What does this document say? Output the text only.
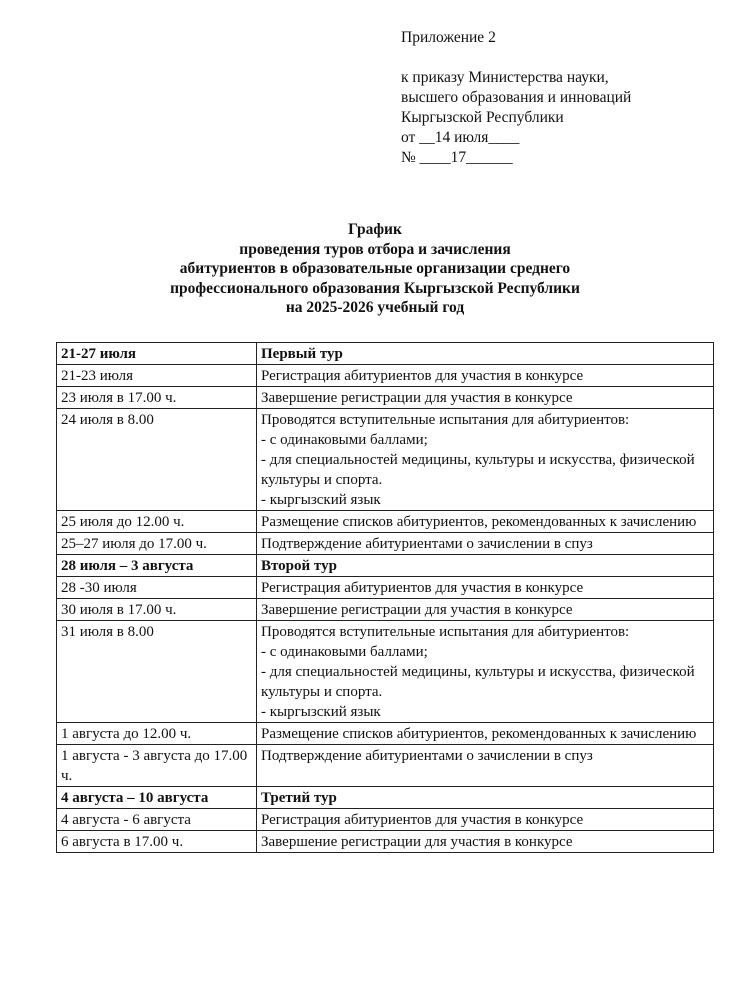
Приложение 2
к приказу Министерства науки,
высшего образования и инноваций
Кыргызской Республики
от __14 июля____
№ ____17______
График
проведения туров отбора и зачисления
абитуриентов в образовательные организации среднего
профессионального образования Кыргызской Республики
на 2025-2026 учебный год
21-27 июля	Первый тур
21-23 июля	Регистрация абитуриентов для участия в конкурсе
23 июля в 17.00 ч.	Завершение регистрации для участия в конкурсе
24 июля в 8.00	Проводятся вступительные испытания для абитуриентов:
- с одинаковыми баллами;
- для специальностей медицины, культуры и искусства, физической культуры и спорта.
- кыргызский язык

25 июля до 12.00 ч.	Размещение списков абитуриентов, рекомендованных к зачислению
25–27 июля до 17.00 ч.	Подтверждение абитуриентами о зачислении в спуз
28 июля – 3 августа	Второй тур
28 -30 июля	Регистрация абитуриентов для участия в конкурсе
30 июля в 17.00 ч.	Завершение регистрации для участия в конкурсе
31 июля в 8.00	Проводятся вступительные испытания для абитуриентов:
- с одинаковыми баллами;
- для специальностей медицины, культуры и искусства, физической культуры и спорта.
- кыргызский язык

1 августа до 12.00 ч.	Размещение списков абитуриентов, рекомендованных к зачислению
1 августа - 3 августа до 17.00 ч.	Подтверждение абитуриентами о зачислении в спуз
4 августа – 10 августа	Третий тур
4 августа - 6 августа	Регистрация абитуриентов для участия в конкурсе
6 августа в 17.00 ч.	Завершение регистрации для участия в конкурсе
